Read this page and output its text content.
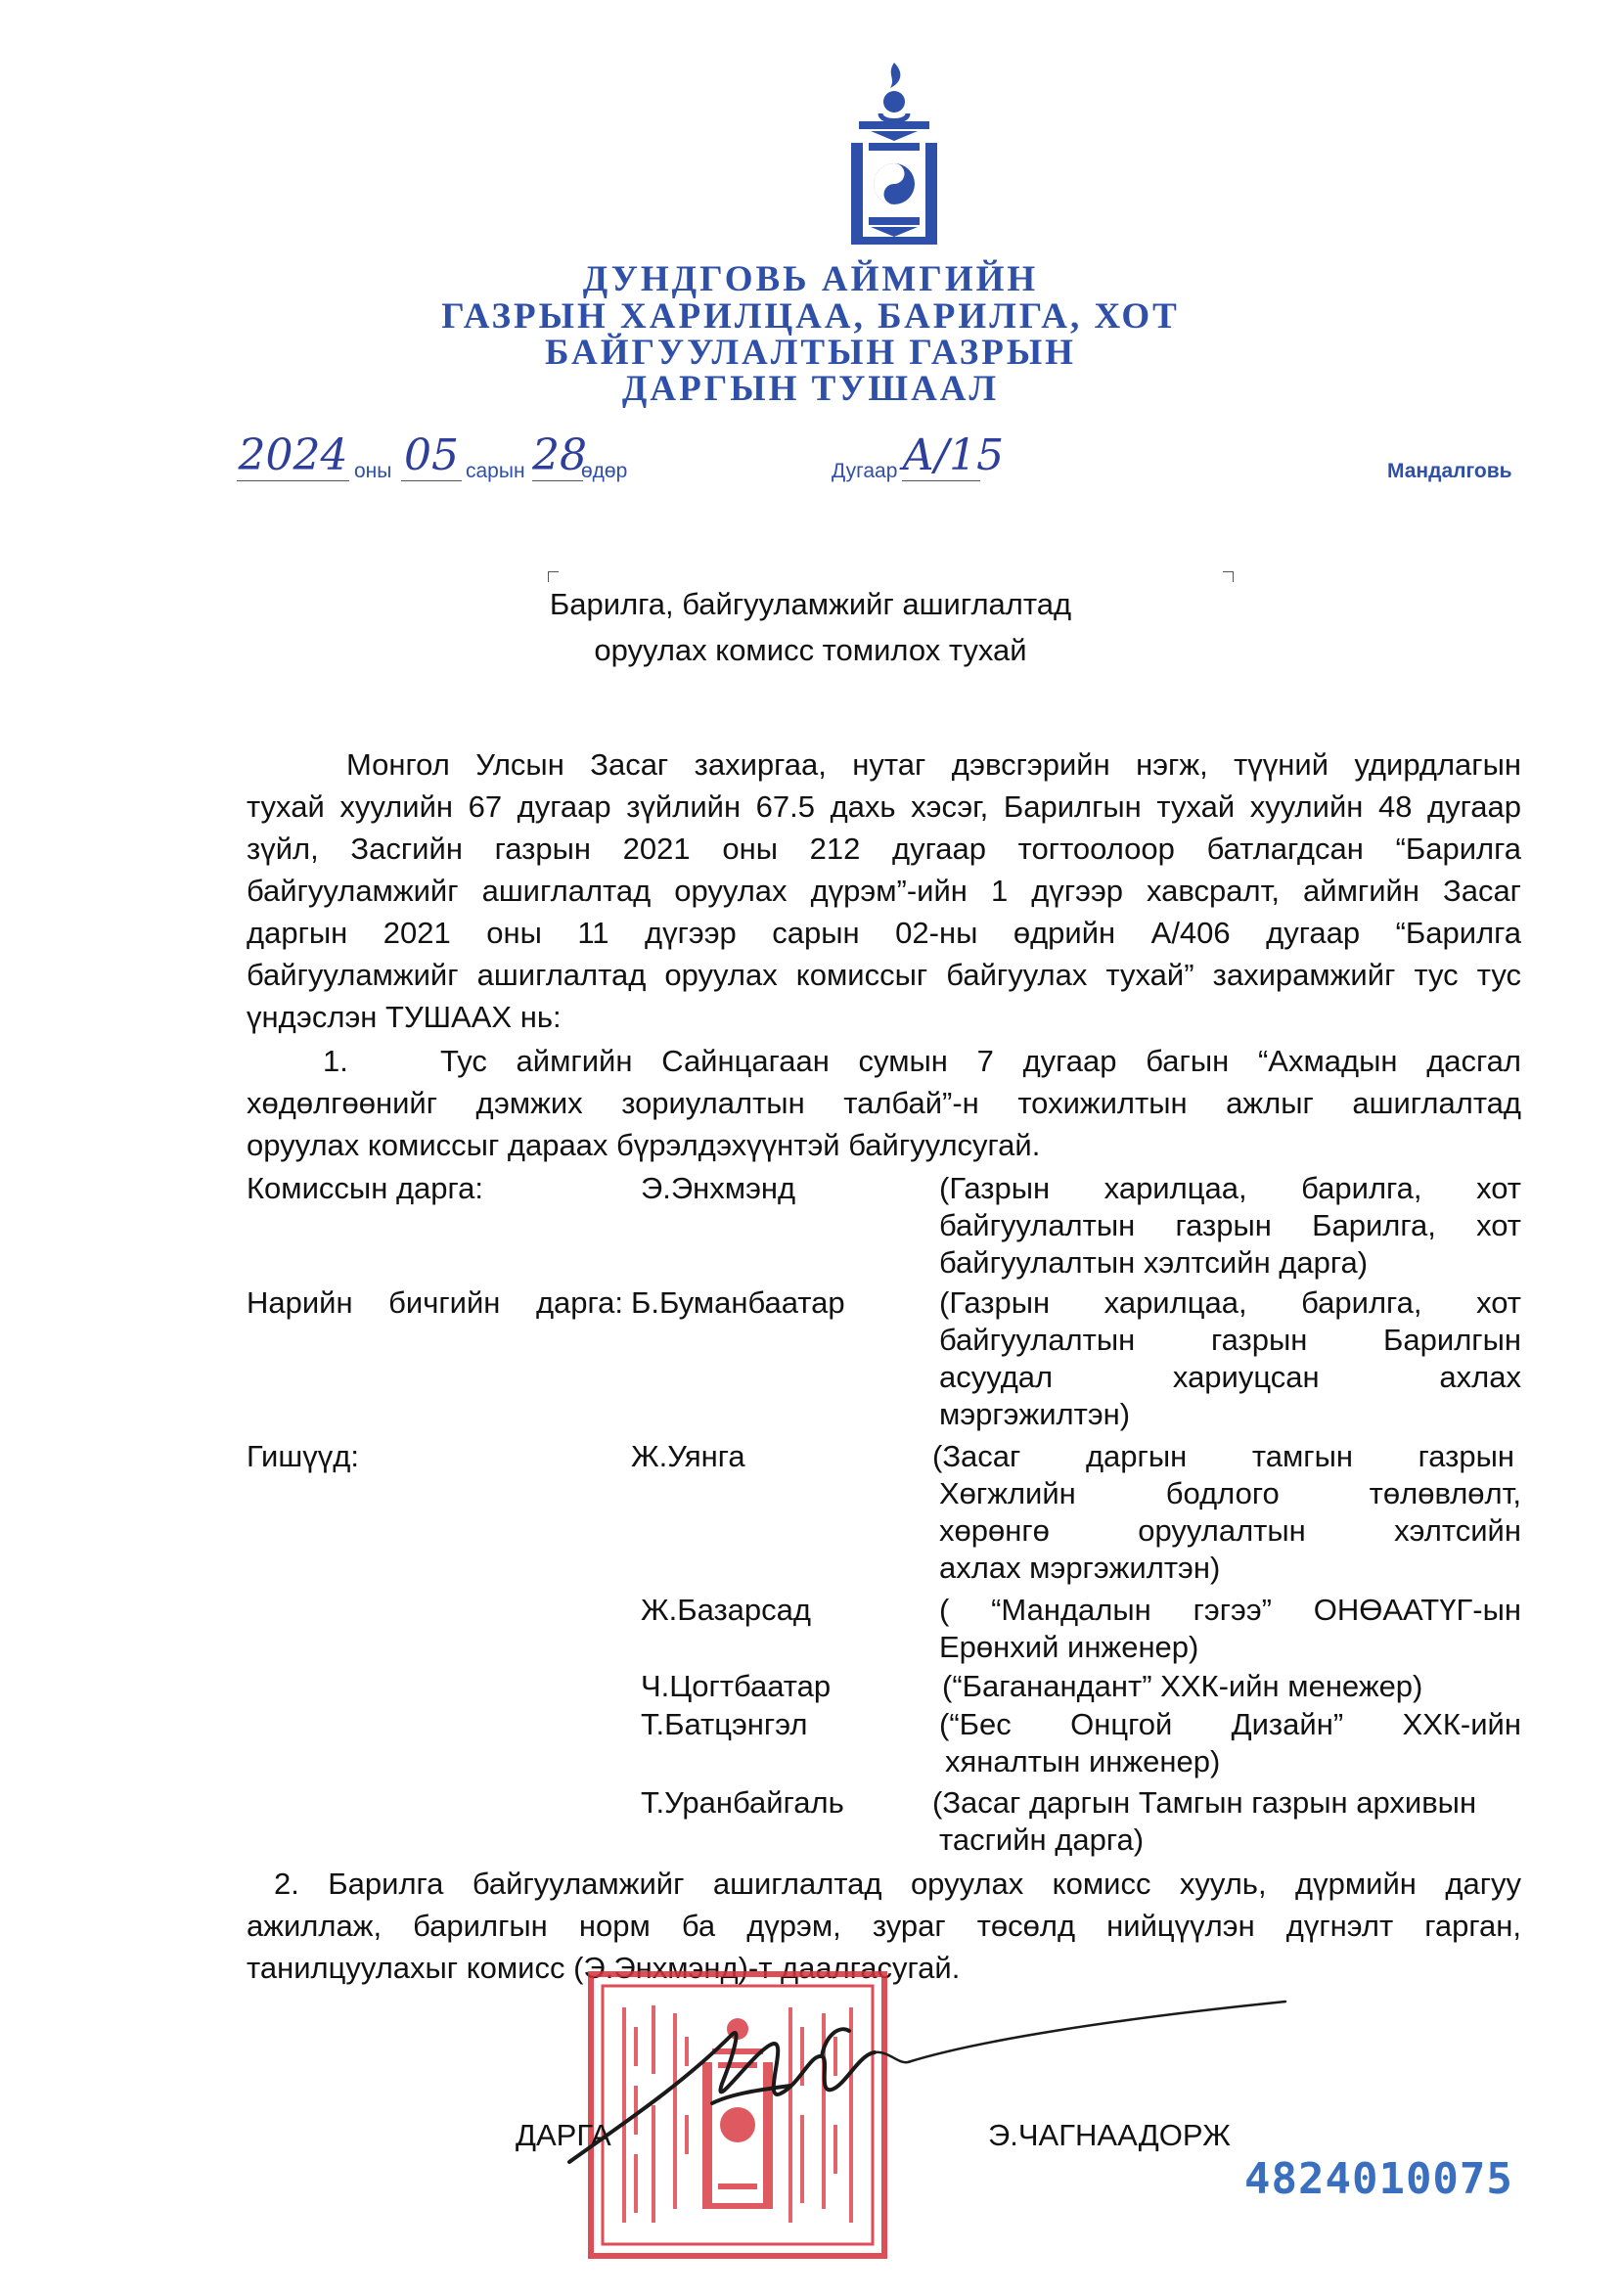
ДУНДГОВЬ АЙМГИЙН
ГАЗРЫН ХАРИЛЦАА, БАРИЛГА, ХОТ
БАЙГУУЛАЛТЫН ГАЗРЫН
ДАРГЫН ТУШААЛ
2024 оны 05 сарын 28
өдөр	Дугаар А/15	Мандалговь
Барилга, байгууламжийг ашиглалтад
оруулах комисс томилох тухай
Монгол Улсын Засаг захиргаа, нутаг дэвсгэрийн нэгж, түүний удирдлагын
тухай хуулийн 67 дугаар зүйлийн 67.5 дахь хэсэг, Барилгын тухай хуулийн 48 дугаар
зүйл, Засгийн газрын 2021 оны 212 дугаар тогтоолоор батлагдсан “Барилга
байгууламжийг ашиглалтад оруулах дүрэм”-ийн 1 дүгээр хавсралт, аймгийн Засаг
даргын 2021 оны 11 дүгээр сарын 02-ны өдрийн А/406 дугаар “Барилга
байгууламжийг ашиглалтад оруулах комиссыг байгуулах тухай” захирамжийг тус тус
үндэслэн ТУШААХ нь:
1.	Тус аймгийн Сайнцагаан сумын 7 дугаар багын “Ахмадын дасгал
хөдөлгөөнийг дэмжих зориулалтын талбай”-н тохижилтын ажлыг ашиглалтад
оруулах комиссыг дараах бүрэлдэхүүнтэй байгуулсугай.
Комиссын дарга:	Э.Энхмэнд	(Газрын харилцаа, барилга, хот
байгуулалтын газрын Барилга, хот
байгуулалтын хэлтсийн дарга)
Нарийн бичгийн дарга: Б.Буманбаатар	(Газрын харилцаа, барилга, хот
байгуулалтын газрын Барилгын
асуудал хариуцсан ахлах
мэргэжилтэн)
Гишүүд:	Ж.Уянга	(Засаг даргын тамгын газрын
Хөгжлийн бодлого төлөвлөлт,
хөрөнгө оруулалтын хэлтсийн
ахлах мэргэжилтэн)
Ж.Базарсад	( “Мандалын гэгээ” ОНӨААТҮГ-ын
Ерөнхий инженер)
Ч.Цогтбаатар	(“Баганандант” ХХК-ийн менежер)
Т.Батцэнгэл	(“Бес Онцгой Дизайн” ХХК-ийн
хяналтын инженер)
Т.Уранбайгаль	(Засаг даргын Тамгын газрын архивын
тасгийн дарга)
2. Барилга байгууламжийг ашиглалтад оруулах комисс хууль, дүрмийн дагуу
ажиллаж, барилгын норм ба дүрэм, зураг төсөлд нийцүүлэн дүгнэлт гарган,
танилцуулахыг комисс (Э.Энхмэнд)-т даалгасугай.
ДАРГА	Э.ЧАГНААДОРЖ
4824010075
